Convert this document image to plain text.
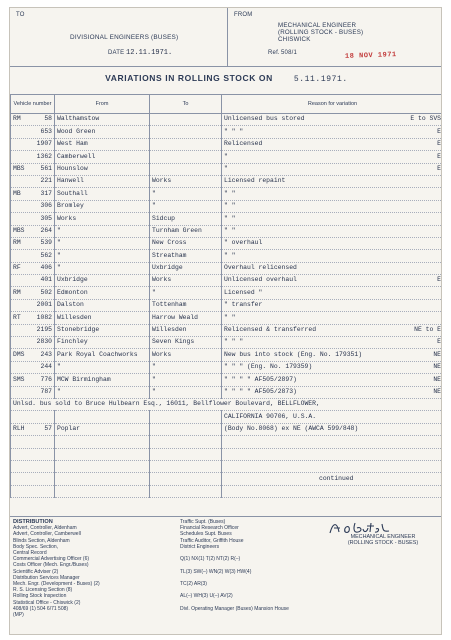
TO
DIVISIONAL ENGINEERS (BUSES)
DATE 12.11.1971.
FROM
MECHANICAL ENGINEER
(ROLLING STOCK - BUSES)
CHISWICK
Ref. 508/1	18 NOV 1971
VARIATIONS IN ROLLING STOCK ON	5.11.1971.
Vehicle number	From	To	Reason for variation

RM 58	Walthamstow		Unlicensed bus stored E to SVS

653	Wood Green		" " " E

1907	West Ham		Relicensed E

1362	Camberwell		" E

MBS 561	Hounslow		" E

221	Hanwell	Works	Licensed repaint

MB 317	Southall	"	" "

306	Bromley	"	" "

305	Works	Sidcup	" "

MBS 264	"	Turnham Green	" "

RM 539	"	New Cross	" overhaul

562	"	Streatham	" "

RF 406	"	Uxbridge	Overhaul relicensed

401	Uxbridge	Works	Unlicensed overhaul E

RM 502	Edmonton	"	Licensed "

2001	Dalston	Tottenham	" transfer

RT 1082	Willesden	Harrow Weald	" "

2195	Stonebridge	Willesden	Relicensed & transferred NE to E

2830	Finchley	Seven Kings	" " " E

DMS 243	Park Royal Coachworks	Works	New bus into stock (Eng. No. 179351) NE

244	"	"	" " " (Eng. No. 179359) NE

SMS 776	MCW Birmingham	"	" " " " AF505/2897) NE

787	"	"	" " " " AF505/2873) NE

Unlsd. bus sold to Bruce Hulbearn Esq., 16011, Bellflower Boulevard, BELLFLOWER,			

			CALIFORNIA 90706, U.S.A.

RLH 57	Poplar		(Body No.8068) ex NE (AWCA 599/848)

			continued

DISTRIBUTION
Advert, Controller, Aldenham
Advert, Controller, Camberwell
Blinds Section, Aldenham
Body Spec. Section,
Central Record
Commercial Advertising Officer (6)
Costs Officer (Mech. Engr./Buses)
Scientific Adviser (2)
Distribution Services Manager
Mech. Engr. (Development - Buses) (2)
R. S. Licensing Section (8)
Rolling Stock Inspection
Statistical Office - Chiswick (2)
408/69 (1) 504 6/71 508)
(MP)
Traffic Supt. (Buses)
Financial Research Officer
Schedules Supt. Buses
Traffic Auditor, Griffith House
District Engineers
Q(1) NX(1) T(2) NT(2) R(–)
TL(3) SW(–) WN(2) W(3) HW(4)
TC(2) AR(3)
AL(–) WH(3) U(–) AV(2)
Divl. Operating Manager (Buses) Mansion House
MECHANICAL ENGINEER
(ROLLING STOCK - BUSES)
